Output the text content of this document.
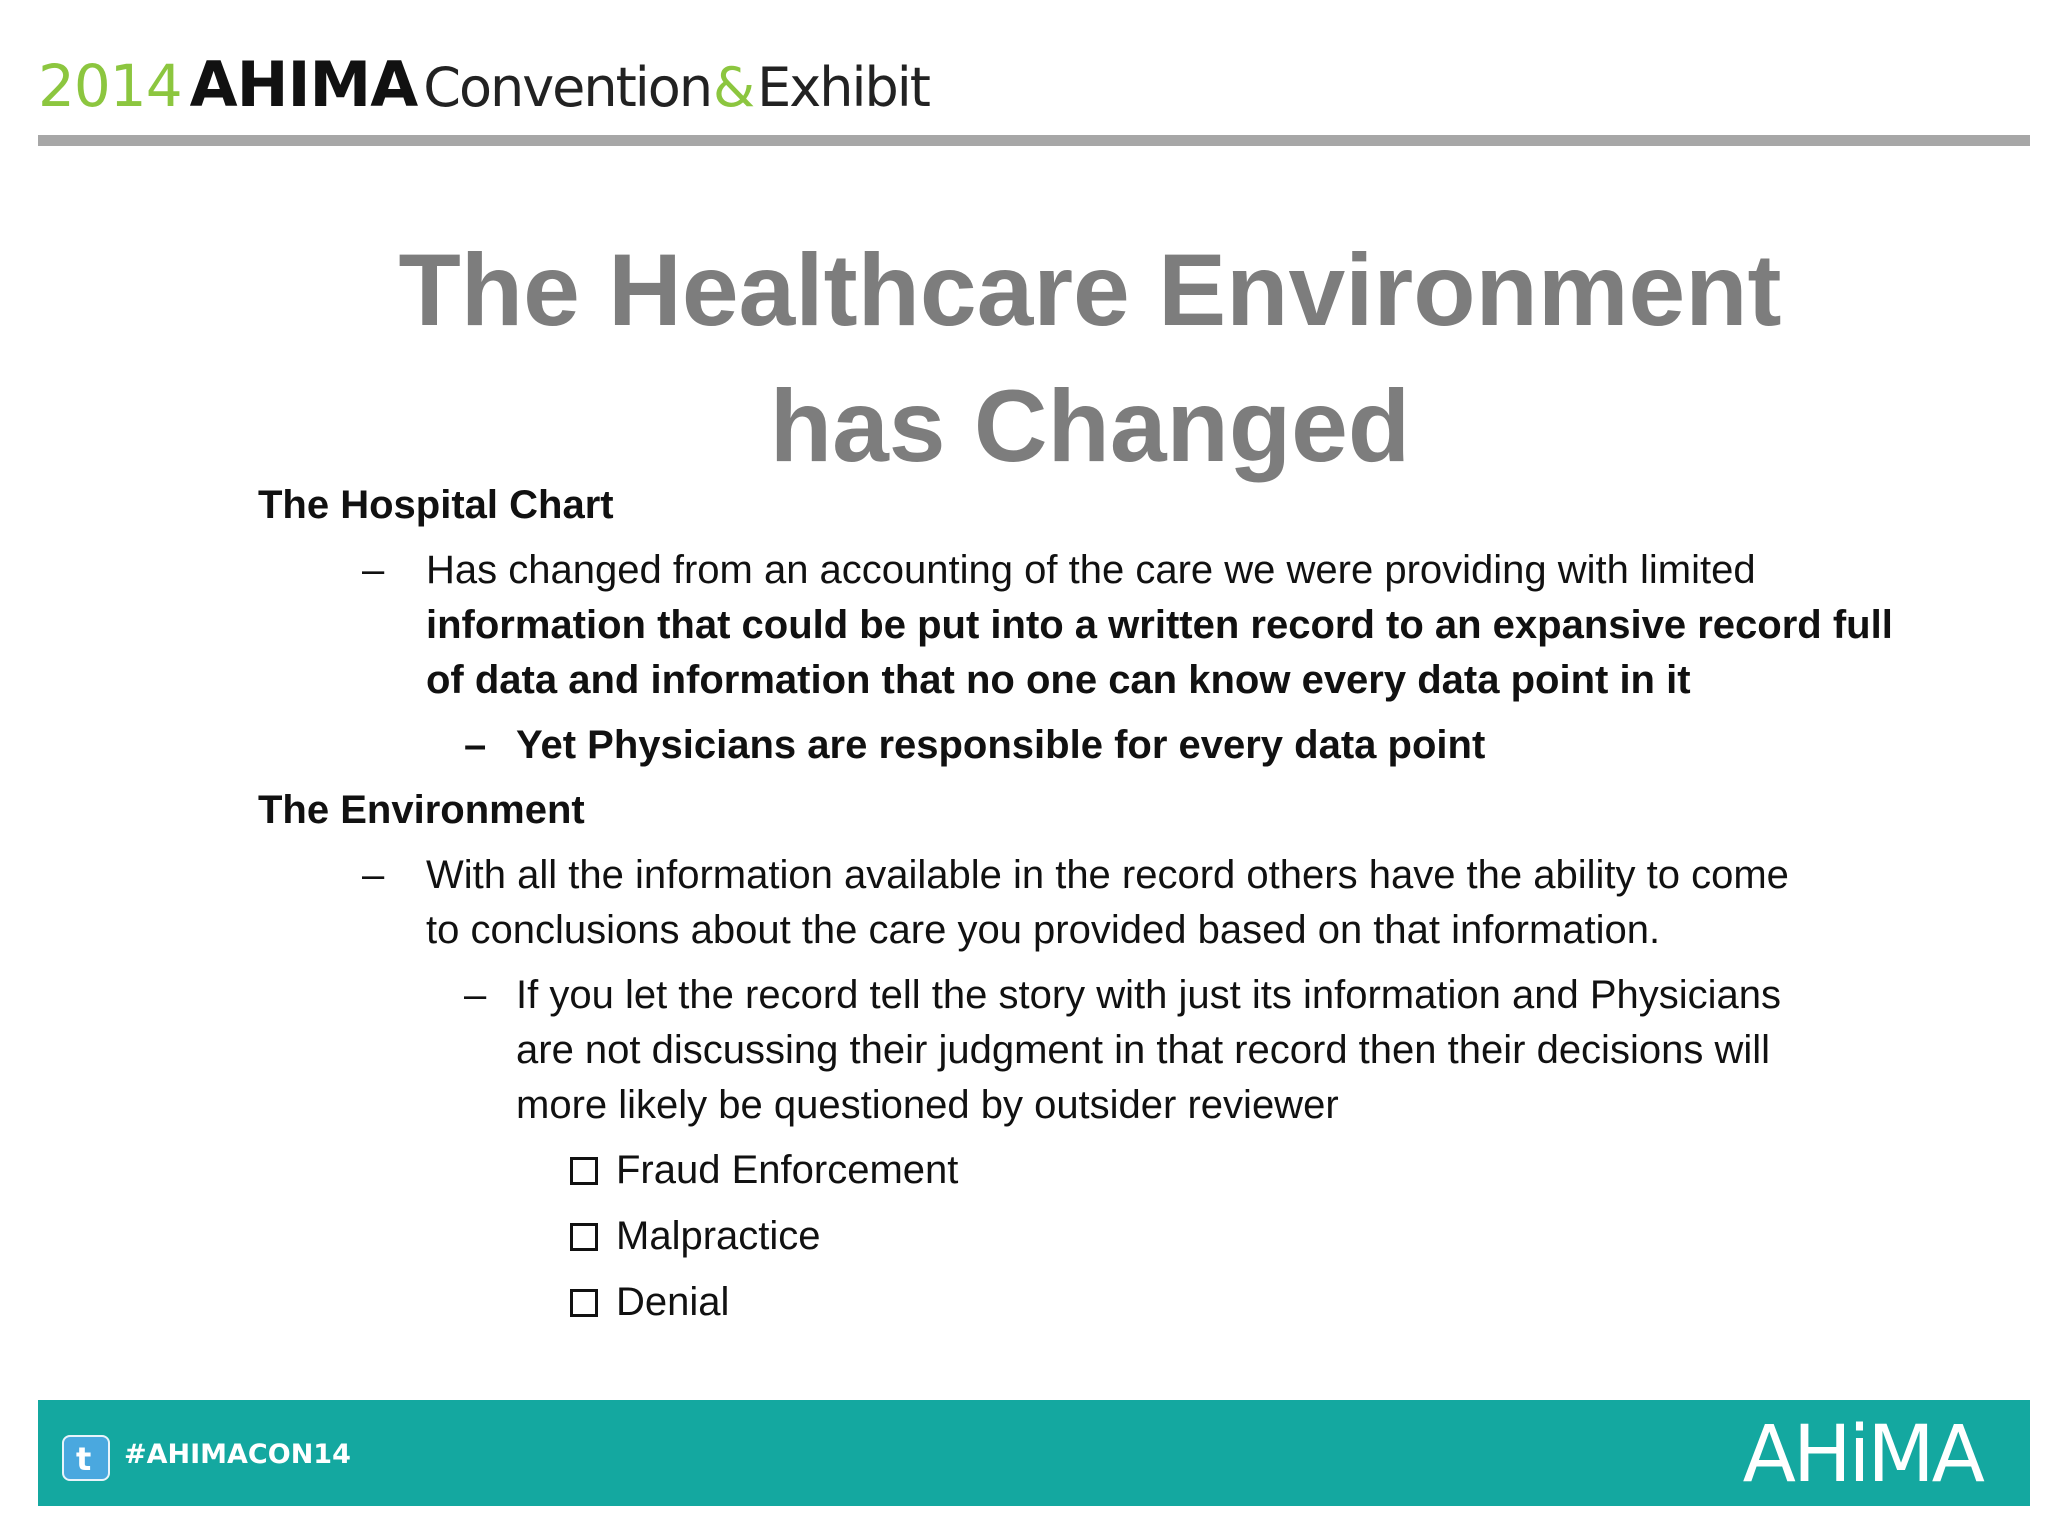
2014 AHIMA Convention & Exhibit
The Healthcare Environment
has Changed
The Hospital Chart
– Has changed from an accounting of the care we were providing with limited
information that could be put into a written record to an expansive record full
of data and information that no one can know every data point in it
– Yet Physicians are responsible for every data point
The Environment
– With all the information available in the record others have the ability to come
to conclusions about the care you provided based on that information.
– If you let the record tell the story with just its information and Physicians
are not discussing their judgment in that record then their decisions will
more likely be questioned by outsider reviewer
Fraud Enforcement
Malpractice
Denial
t #AHIMACON14	AHiMA
